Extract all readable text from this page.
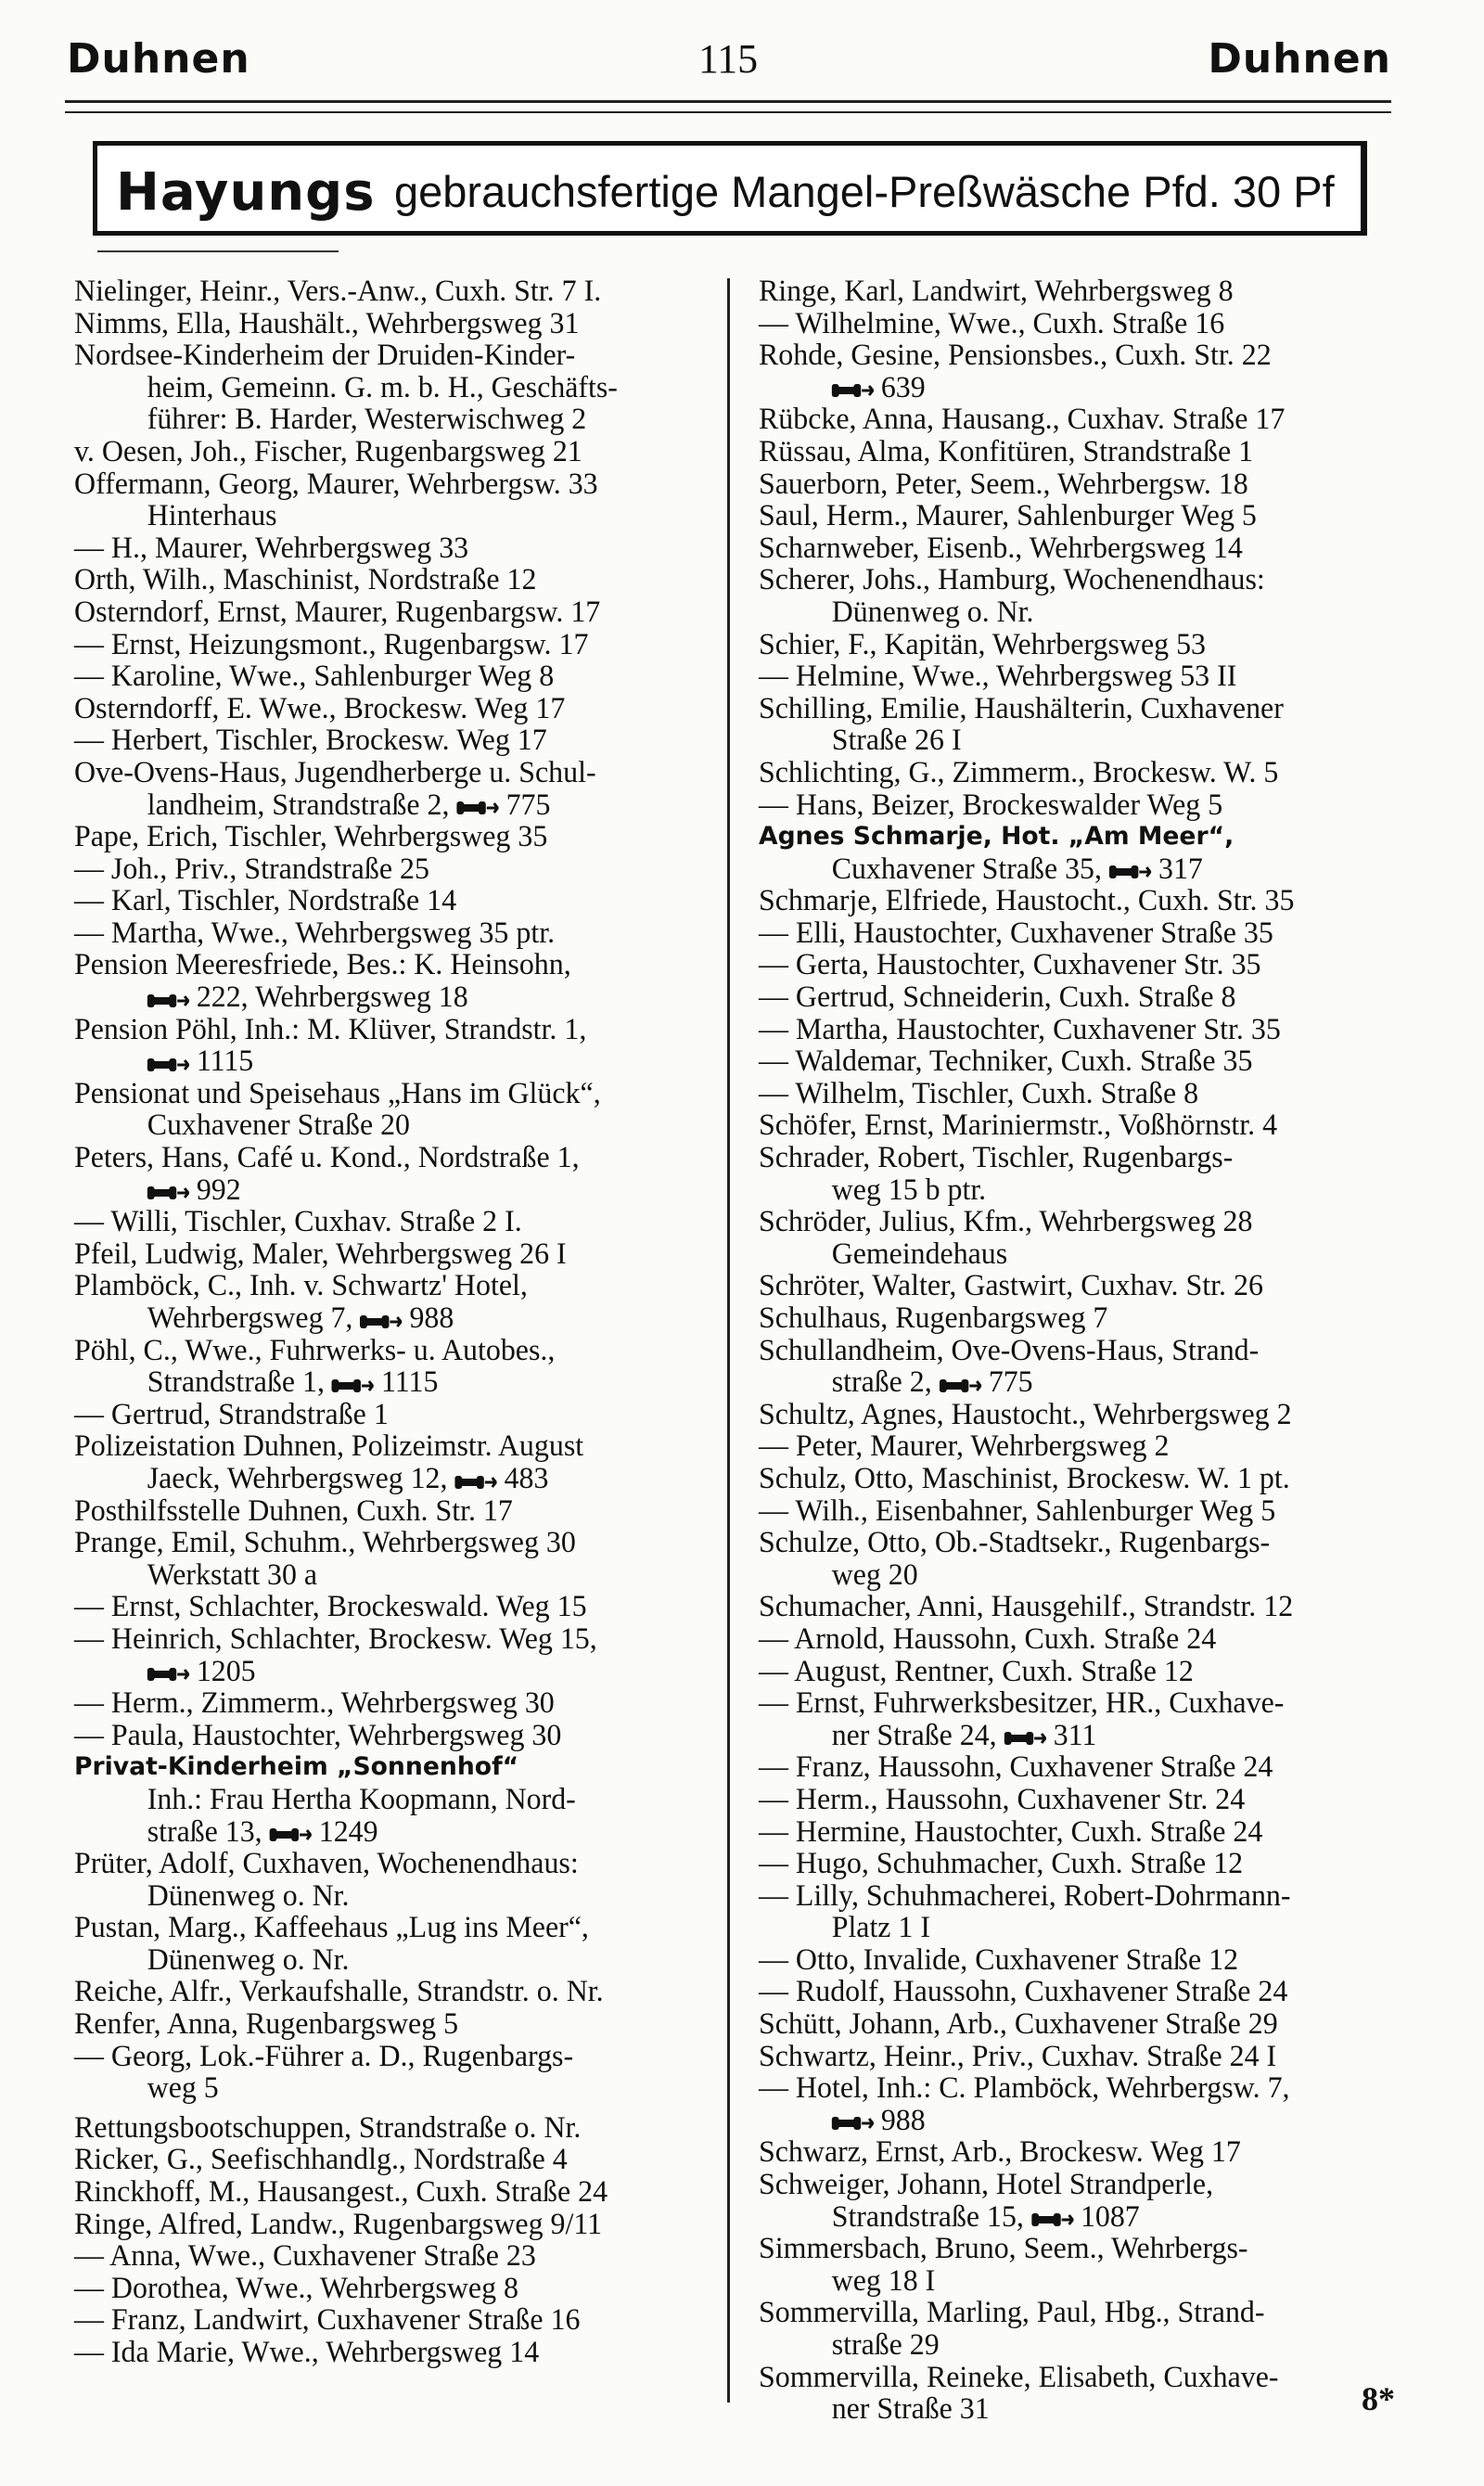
Duhnen	115	Duhnen
Hayungs gebrauchsfertige Mangel-Preßwäsche Pfd. 30 Pf
Nielinger, Heinr., Vers.-Anw., Cuxh. Str. 7 I.
Nimms, Ella, Haushält., Wehrbergsweg 31
Nordsee-Kinderheim der Druiden-Kinder-
heim, Gemeinn. G. m. b. H., Geschäfts-
führer: B. Harder, Westerwischweg 2
v. Oesen, Joh., Fischer, Rugenbargsweg 21
Offermann, Georg, Maurer, Wehrbergsw. 33
Hinterhaus
— H., Maurer, Wehrbergsweg 33
Orth, Wilh., Maschinist, Nordstraße 12
Osterndorf, Ernst, Maurer, Rugenbargsw. 17
— Ernst, Heizungsmont., Rugenbargsw. 17
— Karoline, Wwe., Sahlenburger Weg 8
Osterndorff, E. Wwe., Brockesw. Weg 17
— Herbert, Tischler, Brockesw. Weg 17
Ove-Ovens-Haus, Jugendherberge u. Schul-
landheim, Strandstraße 2, 775
Pape, Erich, Tischler, Wehrbergsweg 35
— Joh., Priv., Strandstraße 25
— Karl, Tischler, Nordstraße 14
— Martha, Wwe., Wehrbergsweg 35 ptr.
Pension Meeresfriede, Bes.: K. Heinsohn,
222, Wehrbergsweg 18
Pension Pöhl, Inh.: M. Klüver, Strandstr. 1,
1115
Pensionat und Speisehaus „Hans im Glück“,
Cuxhavener Straße 20
Peters, Hans, Café u. Kond., Nordstraße 1,
992
— Willi, Tischler, Cuxhav. Straße 2 I.
Pfeil, Ludwig, Maler, Wehrbergsweg 26 I
Plamböck, C., Inh. v. Schwartz' Hotel,
Wehrbergsweg 7, 988
Pöhl, C., Wwe., Fuhrwerks- u. Autobes.,
Strandstraße 1, 1115
— Gertrud, Strandstraße 1
Polizeistation Duhnen, Polizeimstr. August
Jaeck, Wehrbergsweg 12, 483
Posthilfsstelle Duhnen, Cuxh. Str. 17
Prange, Emil, Schuhm., Wehrbergsweg 30
Werkstatt 30 a
— Ernst, Schlachter, Brockeswald. Weg 15
— Heinrich, Schlachter, Brockesw. Weg 15,
1205
— Herm., Zimmerm., Wehrbergsweg 30
— Paula, Haustochter, Wehrbergsweg 30
Privat-Kinderheim „Sonnenhof“
Inh.: Frau Hertha Koopmann, Nord-
straße 13, 1249
Prüter, Adolf, Cuxhaven, Wochenendhaus:
Dünenweg o. Nr.
Pustan, Marg., Kaffeehaus „Lug ins Meer“,
Dünenweg o. Nr.
Reiche, Alfr., Verkaufshalle, Strandstr. o. Nr.
Renfer, Anna, Rugenbargsweg 5
— Georg, Lok.-Führer a. D., Rugenbargs-
weg 5
Rettungsbootschuppen, Strandstraße o. Nr.
Ricker, G., Seefischhandlg., Nordstraße 4
Rinckhoff, M., Hausangest., Cuxh. Straße 24
Ringe, Alfred, Landw., Rugenbargsweg 9/11
— Anna, Wwe., Cuxhavener Straße 23
— Dorothea, Wwe., Wehrbergsweg 8
— Franz, Landwirt, Cuxhavener Straße 16
— Ida Marie, Wwe., Wehrbergsweg 14
Ringe, Karl, Landwirt, Wehrbergsweg 8
— Wilhelmine, Wwe., Cuxh. Straße 16
Rohde, Gesine, Pensionsbes., Cuxh. Str. 22
639
Rübcke, Anna, Hausang., Cuxhav. Straße 17
Rüssau, Alma, Konfitüren, Strandstraße 1
Sauerborn, Peter, Seem., Wehrbergsw. 18
Saul, Herm., Maurer, Sahlenburger Weg 5
Scharnweber, Eisenb., Wehrbergsweg 14
Scherer, Johs., Hamburg, Wochenendhaus:
Dünenweg o. Nr.
Schier, F., Kapitän, Wehrbergsweg 53
— Helmine, Wwe., Wehrbergsweg 53 II
Schilling, Emilie, Haushälterin, Cuxhavener
Straße 26 I
Schlichting, G., Zimmerm., Brockesw. W. 5
— Hans, Beizer, Brockeswalder Weg 5
Agnes Schmarje, Hot. „Am Meer“,
Cuxhavener Straße 35, 317
Schmarje, Elfriede, Haustocht., Cuxh. Str. 35
— Elli, Haustochter, Cuxhavener Straße 35
— Gerta, Haustochter, Cuxhavener Str. 35
— Gertrud, Schneiderin, Cuxh. Straße 8
— Martha, Haustochter, Cuxhavener Str. 35
— Waldemar, Techniker, Cuxh. Straße 35
— Wilhelm, Tischler, Cuxh. Straße 8
Schöfer, Ernst, Mariniermstr., Voßhörnstr. 4
Schrader, Robert, Tischler, Rugenbargs-
weg 15 b ptr.
Schröder, Julius, Kfm., Wehrbergsweg 28
Gemeindehaus
Schröter, Walter, Gastwirt, Cuxhav. Str. 26
Schulhaus, Rugenbargsweg 7
Schullandheim, Ove-Ovens-Haus, Strand-
straße 2, 775
Schultz, Agnes, Haustocht., Wehrbergsweg 2
— Peter, Maurer, Wehrbergsweg 2
Schulz, Otto, Maschinist, Brockesw. W. 1 pt.
— Wilh., Eisenbahner, Sahlenburger Weg 5
Schulze, Otto, Ob.-Stadtsekr., Rugenbargs-
weg 20
Schumacher, Anni, Hausgehilf., Strandstr. 12
— Arnold, Haussohn, Cuxh. Straße 24
— August, Rentner, Cuxh. Straße 12
— Ernst, Fuhrwerksbesitzer, HR., Cuxhave-
ner Straße 24, 311
— Franz, Haussohn, Cuxhavener Straße 24
— Herm., Haussohn, Cuxhavener Str. 24
— Hermine, Haustochter, Cuxh. Straße 24
— Hugo, Schuhmacher, Cuxh. Straße 12
— Lilly, Schuhmacherei, Robert-Dohrmann-
Platz 1 I
— Otto, Invalide, Cuxhavener Straße 12
— Rudolf, Haussohn, Cuxhavener Straße 24
Schütt, Johann, Arb., Cuxhavener Straße 29
Schwartz, Heinr., Priv., Cuxhav. Straße 24 I
— Hotel, Inh.: C. Plamböck, Wehrbergsw. 7,
988
Schwarz, Ernst, Arb., Brockesw. Weg 17
Schweiger, Johann, Hotel Strandperle,
Strandstraße 15, 1087
Simmersbach, Bruno, Seem., Wehrbergs-
weg 18 I
Sommervilla, Marling, Paul, Hbg., Strand-
straße 29
Sommervilla, Reineke, Elisabeth, Cuxhave-
ner Straße 31	8*
